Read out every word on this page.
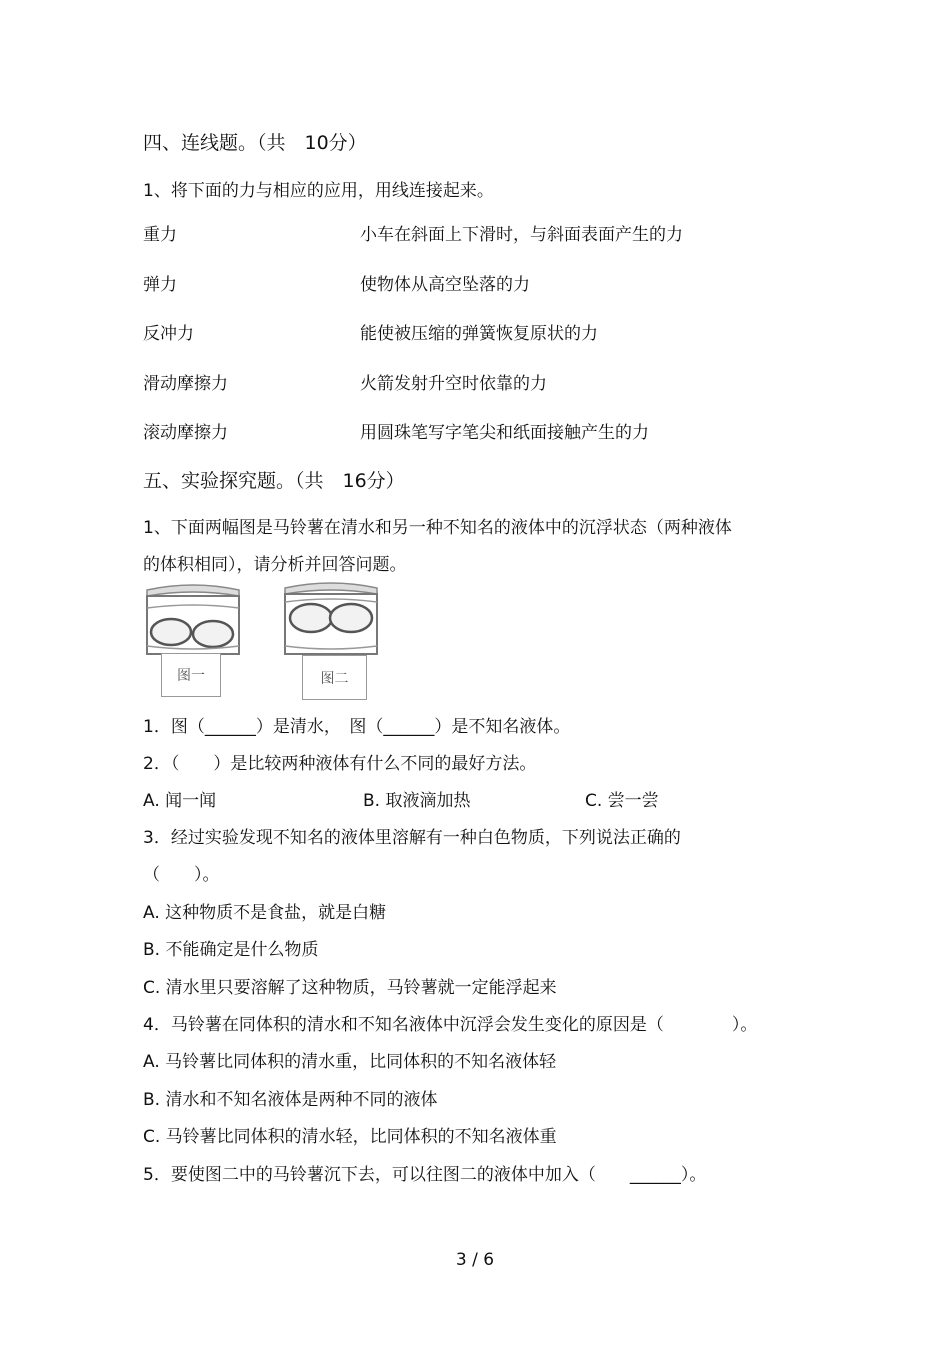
四、连线题。（共　10分）
1、将下面的力与相应的应用，用线连接起来。
重力	小车在斜面上下滑时，与斜面表面产生的力
弹力	使物体从高空坠落的力
反冲力	能使被压缩的弹簧恢复原状的力
滑动摩擦力	火箭发射升空时依靠的力
滚动摩擦力	用圆珠笔写字笔尖和纸面接触产生的力
五、实验探究题。（共　16分）
1、下面两幅图是马铃薯在清水和另一种不知名的液体中的沉浮状态（两种液体
的体积相同），请分析并回答问题。
图一	图二
1．图（______）是清水，　图（______）是不知名液体。
2．（　　）是比较两种液体有什么不同的最好方法。
A. 闻一闻	B. 取液滴加热	C. 尝一尝
3．经过实验发现不知名的液体里溶解有一种白色物质，下列说法正确的
（　　）。
A. 这种物质不是食盐，就是白糖
B. 不能确定是什么物质
C. 清水里只要溶解了这种物质，马铃薯就一定能浮起来
4．马铃薯在同体积的清水和不知名液体中沉浮会发生变化的原因是（　　　　）。
A. 马铃薯比同体积的清水重，比同体积的不知名液体轻
B. 清水和不知名液体是两种不同的液体
C. 马铃薯比同体积的清水轻，比同体积的不知名液体重
5．要使图二中的马铃薯沉下去，可以往图二的液体中加入（　　______）。
3 / 6
